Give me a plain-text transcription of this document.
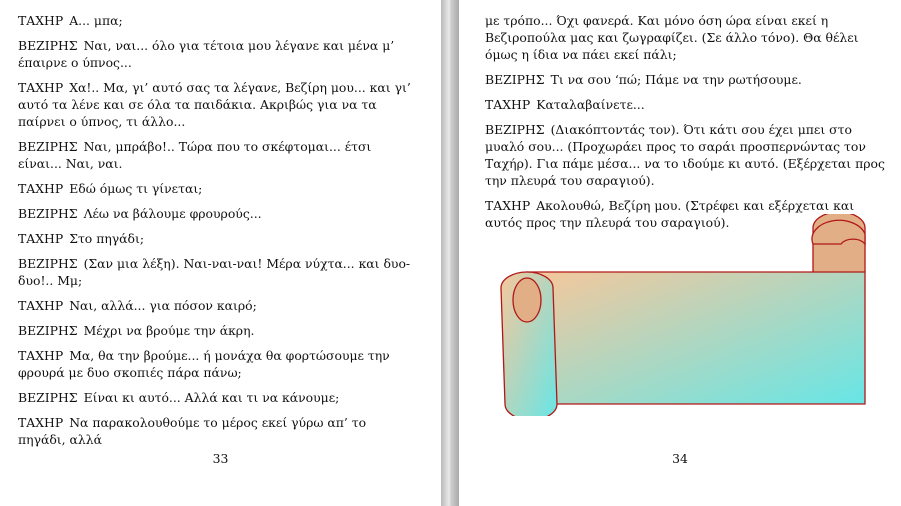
ΤΑΧΗΡ Α... μπα;

ΒΕΖΙΡΗΣ Ναι, ναι... όλο για τέτοια μου λέγανε και μένα μ’ έπαιρνε ο ύπνος...

ΤΑΧΗΡ Χα!.. Μα, γι’ αυτό σας τα λέγανε, Βεζίρη μου... και γι’ αυτό τα λένε και σε όλα τα παιδάκια. Ακριβώς για να τα παίρνει ο ύπνος, τι άλλο...

ΒΕΖΙΡΗΣ Ναι, μπράβο!.. Τώρα που το σκέφτομαι... έτσι είναι... Ναι, ναι.

ΤΑΧΗΡ Εδώ όμως τι γίνεται;

ΒΕΖΙΡΗΣ Λέω να βάλουμε φρουρούς...

ΤΑΧΗΡ Στο πηγάδι;

ΒΕΖΙΡΗΣ (Σαν μια λέξη). Ναι-ναι-ναι! Μέρα νύχτα... και δυο-δυο!.. Μμ;

ΤΑΧΗΡ Ναι, αλλά... για πόσον καιρό;

ΒΕΖΙΡΗΣ Μέχρι να βρούμε την άκρη.

ΤΑΧΗΡ Μα, θα την βρούμε... ή μονάχα θα φορτώσουμε την φρουρά με δυο σκοπιές πάρα πάνω;

ΒΕΖΙΡΗΣ Είναι κι αυτό... Αλλά και τι να κάνουμε;

ΤΑΧΗΡ Να παρακολουθούμε το μέρος εκεί γύρω απ’ το πηγάδι, αλλά

33

με τρόπο... Όχι φανερά. Και μόνο όση ώρα είναι εκεί η Βεζιροπούλα μας και ζωγραφίζει. (Σε άλλο τόνο). Θα θέλει όμως η ίδια να πάει εκεί πάλι;

ΒΕΖΙΡΗΣ Τι να σου ‘πώ; Πάμε να την ρωτήσουμε.

ΤΑΧΗΡ Καταλαβαίνετε...

ΒΕΖΙΡΗΣ (Διακόπτοντάς τον). Ότι κάτι σου έχει μπει στο μυαλό σου... (Προχωράει προς το σαράι προσπερνώντας τον Ταχήρ). Για πάμε μέσα... να το ιδούμε κι αυτό. (Εξέρχεται προς την πλευρά του σαραγιού).

ΤΑΧΗΡ Ακολουθώ, Βεζίρη μου. (Στρέφει και εξέρχεται και αυτός προς την πλευρά του σαραγιού).

34
